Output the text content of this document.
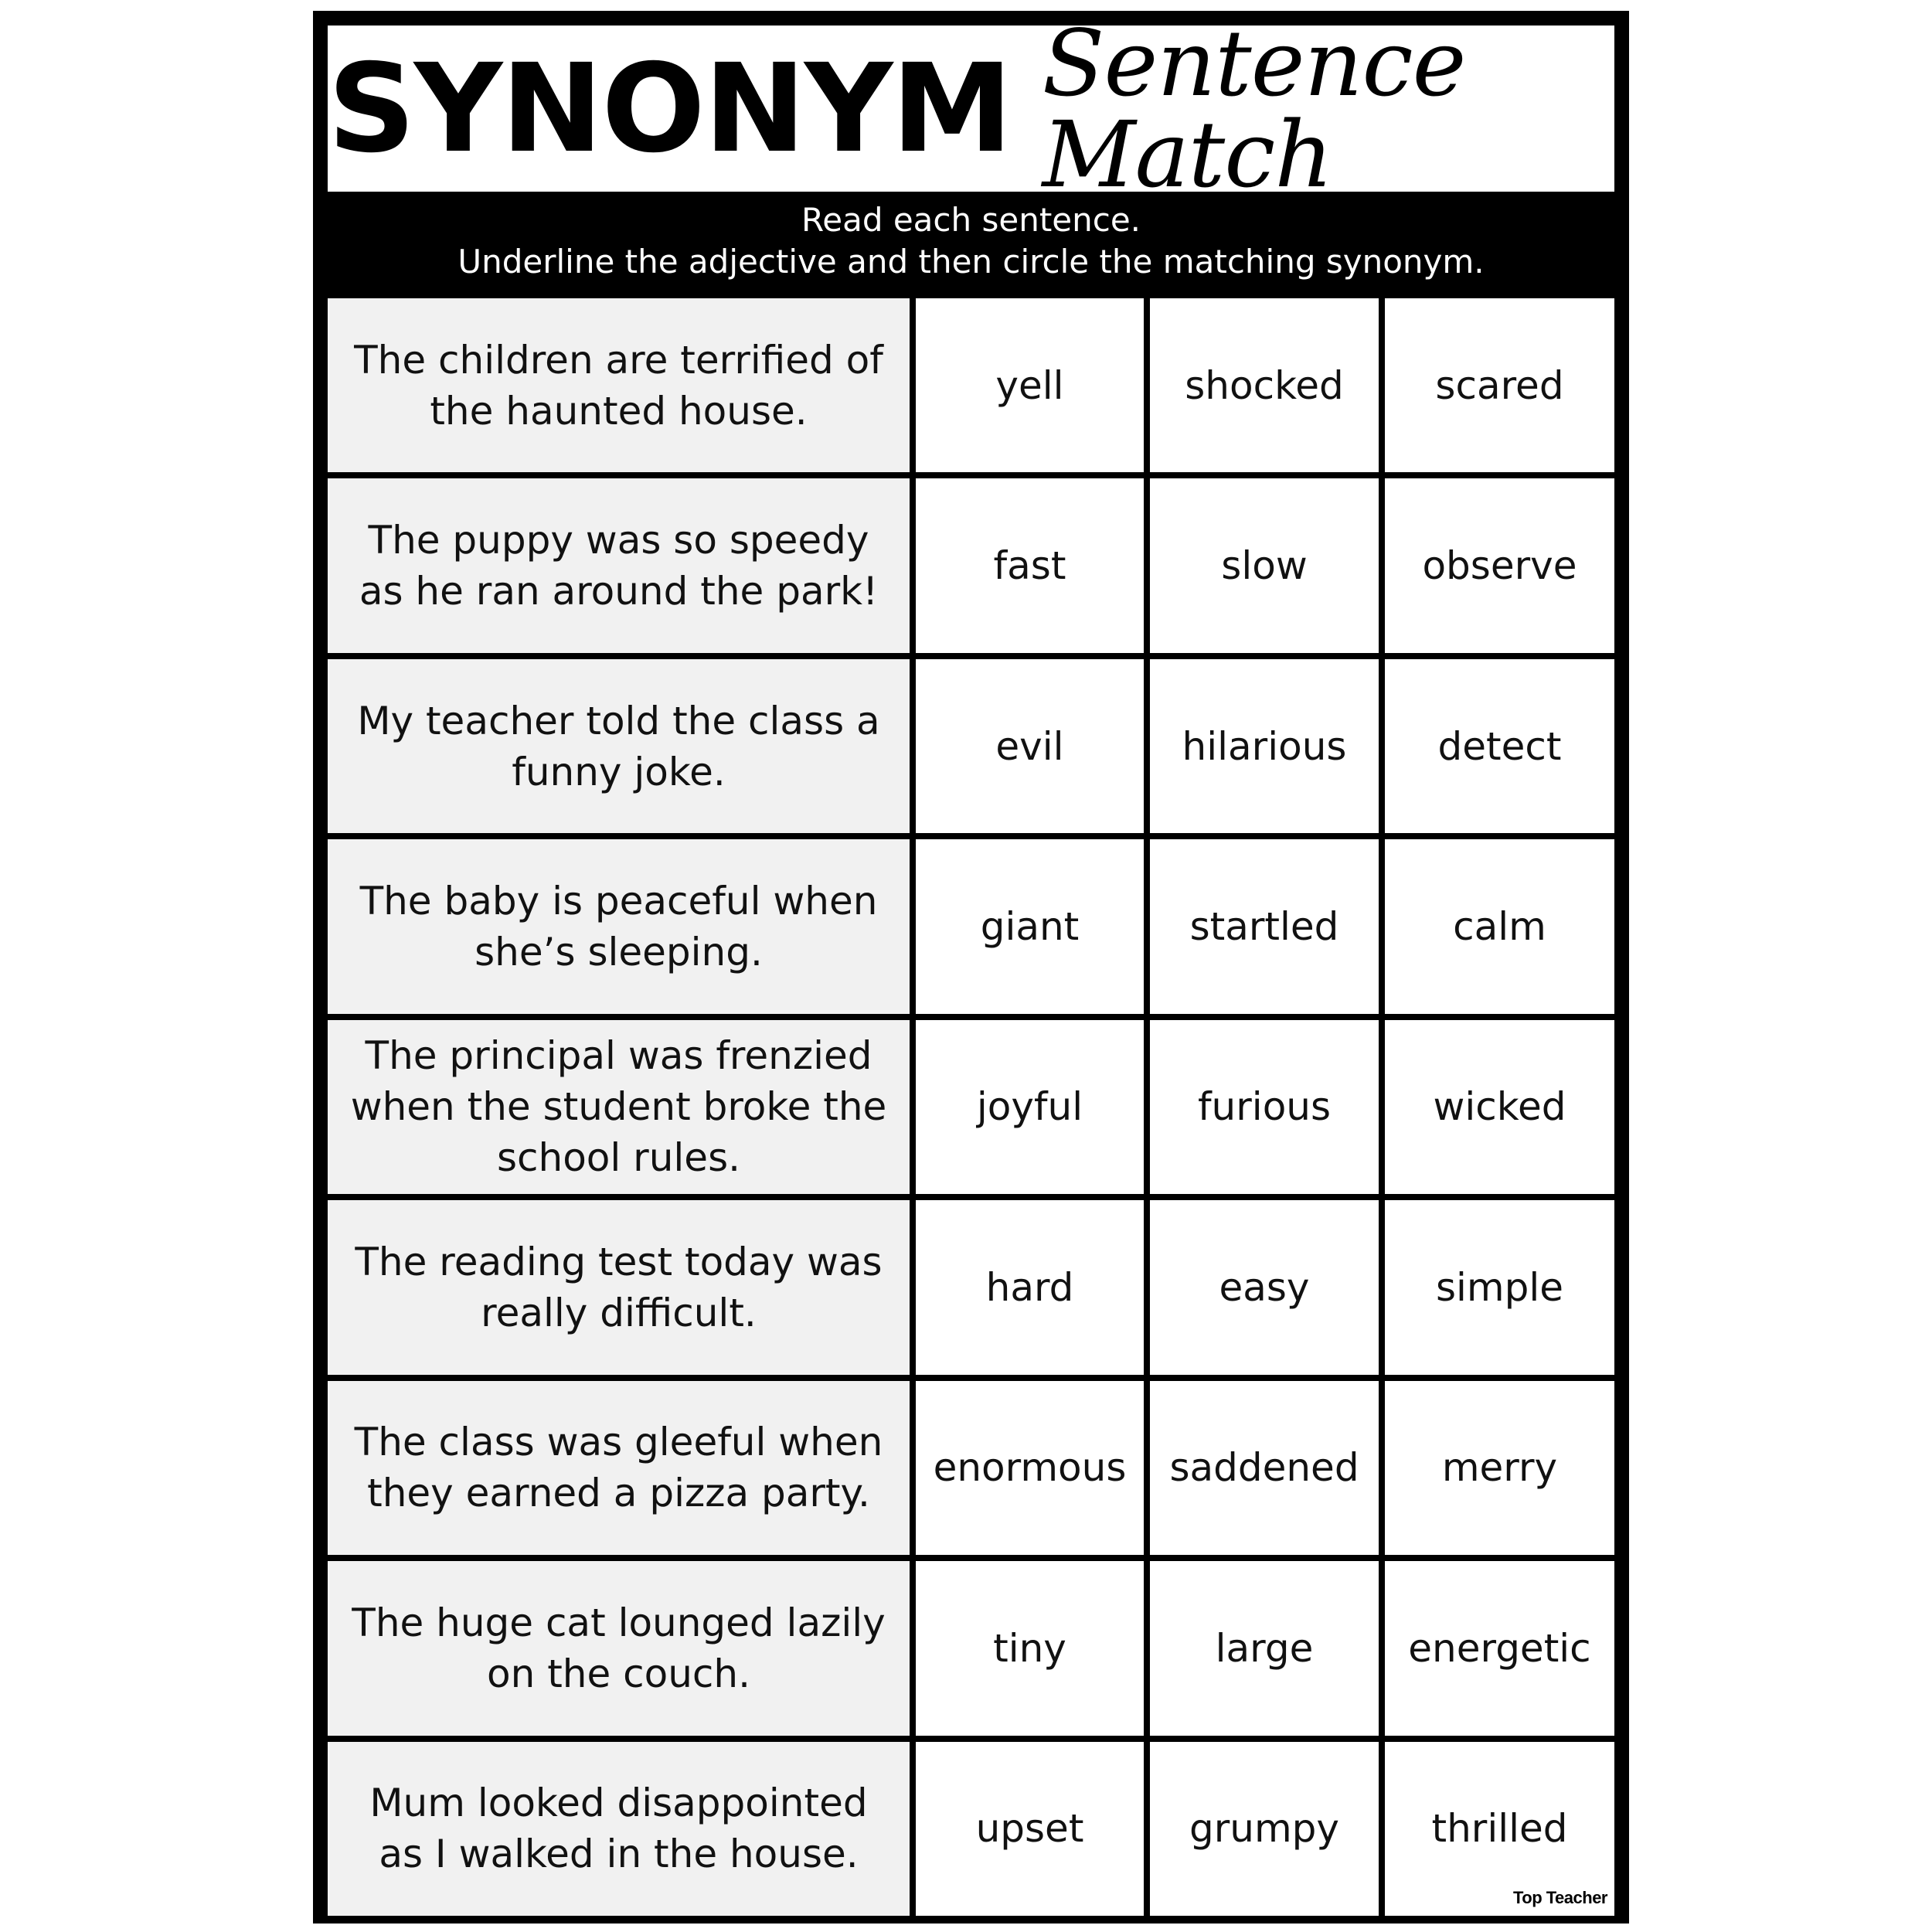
SYNONYM Sentence Match
Read each sentence.
Underline the adjective and then circle the matching synonym.
The children are terrified of the haunted house.
yell	shocked	scared
The puppy was so speedy as he ran around the park!
fast	slow	observe
My teacher told the class a funny joke.
evil	hilarious	detect
The baby is peaceful when she’s sleeping.
giant	startled	calm
The principal was frenzied when the student broke the school rules.
joyful	furious	wicked
The reading test today was really difficult.
hard	easy	simple
The class was gleeful when they earned a pizza party.
enormous	saddened	merry
The huge cat lounged lazily on the couch.
tiny	large	energetic
Mum looked disappointed as I walked in the house.
upset	grumpy	thrilled
Top Teacher
